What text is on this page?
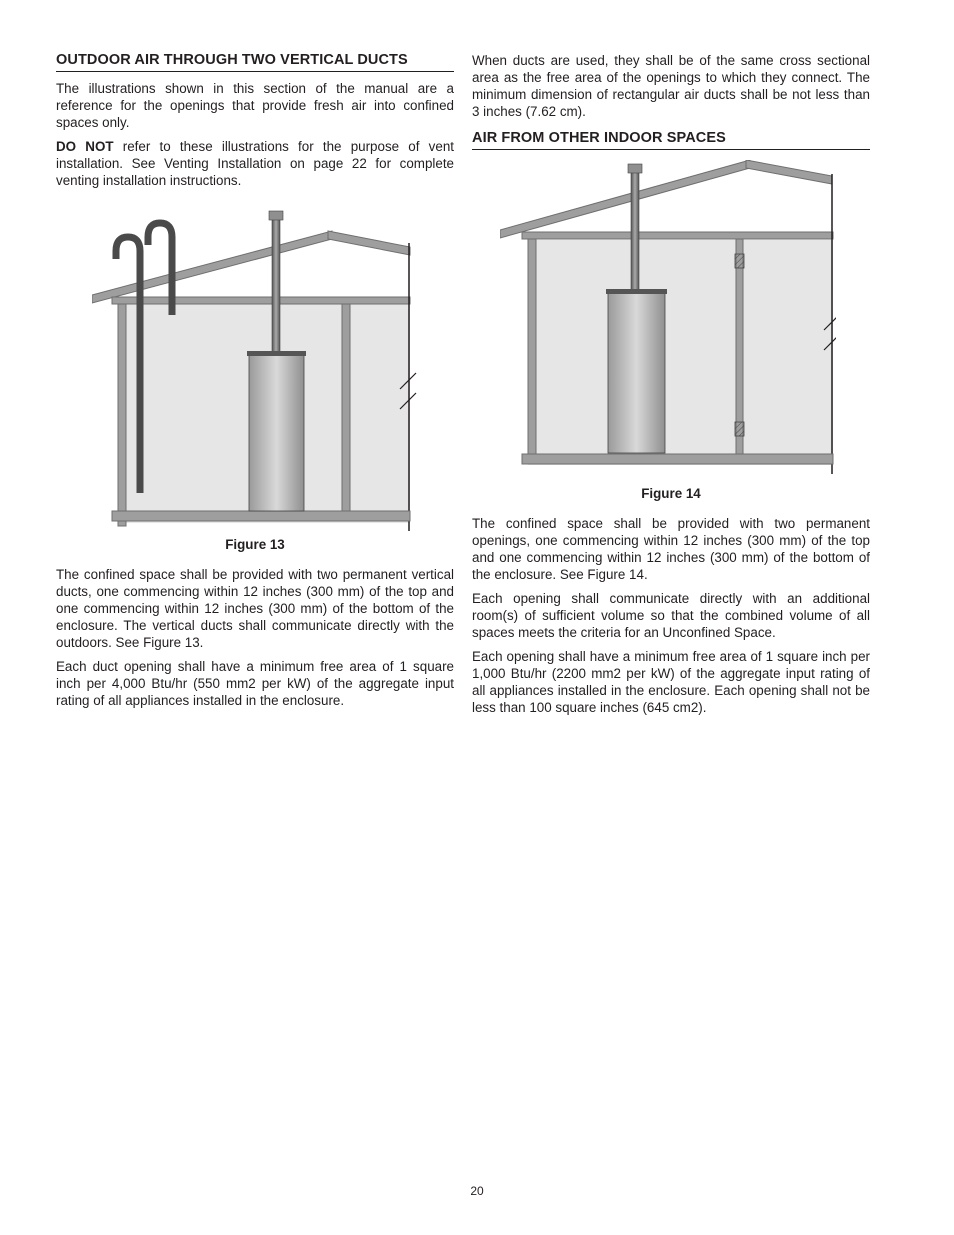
OUTDOOR AIR THROUGH TWO VERTICAL DUCTS

The illustrations shown in this section of the manual are a reference for the openings that provide fresh air into confined spaces only.

DO NOT refer to these illustrations for the purpose of vent installation. See Venting Installation on page 22 for complete venting installation instructions.

Figure 13

The confined space shall be provided with two permanent vertical ducts, one commencing within 12 inches (300 mm) of the top and one commencing within 12 inches (300 mm) of the bottom of the enclosure. The vertical ducts shall communicate directly with the outdoors. See Figure 13.

Each duct opening shall have a minimum free area of 1 square inch per 4,000 Btu/hr (550 mm2 per kW) of the aggregate input rating of all appliances installed in the enclosure.

When ducts are used, they shall be of the same cross sectional area as the free area of the openings to which they connect. The minimum dimension of rectangular air ducts shall be not less than 3 inches (7.62 cm).

AIR FROM OTHER INDOOR SPACES
Figure 14

The confined space shall be provided with two permanent openings, one commencing within 12 inches (300 mm) of the top and one commencing within 12 inches (300 mm) of the bottom of the enclosure. See Figure 14.

Each opening shall communicate directly with an additional room(s) of sufficient volume so that the combined volume of all spaces meets the criteria for an Unconfined Space.

Each opening shall have a minimum free area of 1 square inch per 1,000 Btu/hr (2200 mm2 per kW) of the aggregate input rating of all appliances installed in the enclosure. Each opening shall not be less than 100 square inches (645 cm2).

20
